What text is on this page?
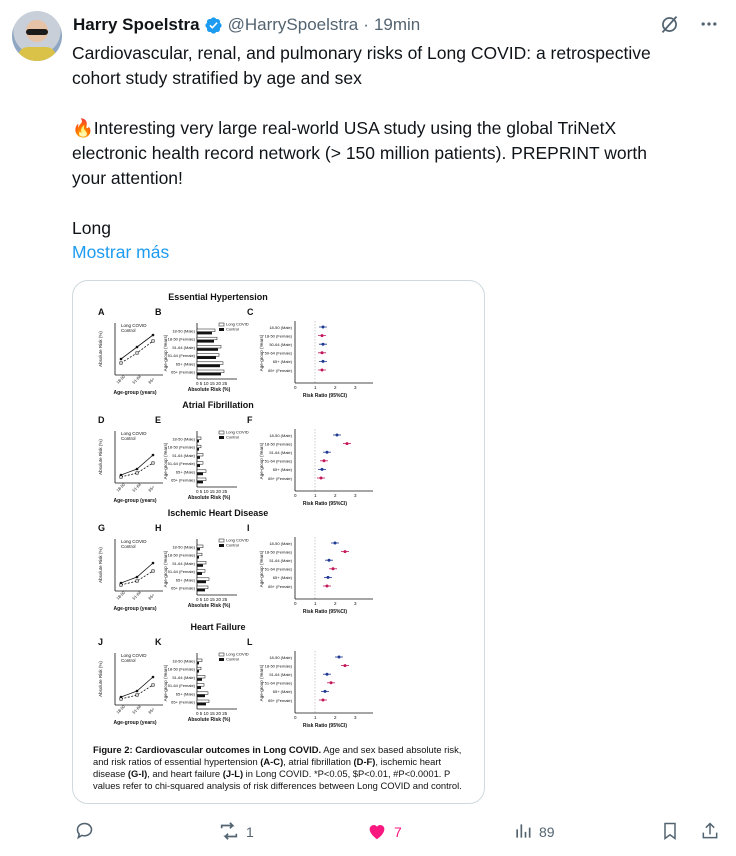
Harry Spoelstra @HarrySpoelstra · 19min

Cardiovascular, renal, and pulmonary risks of Long COVID: a retrospective

cohort study stratified by age and sex

🔥Interesting very large real-world USA study using the global TriNetX

electronic health record network (> 150 million patients). PREPRINT worth

your attention!

Long

Mostrar más
Essential Hypertension
A	B	C
Long COVID
Control
Absolute Risk (%)
18-50 51-64 65+
Age-group (years)
Age-group (Years)
Long COVID
Control
18-50 (Male)
18-50 (Female)
51-64 (Male)
51-64 (Female)
65+ (Male)
65+ (Female)
0 5 10 15 20 25
Absolute Risk (%)
Age-group (Years)
18-50 (Male)
18-50 (Female)
50-64 (Male)
50-64 (Female)
65+ (Male)
65+ (Female)
0	1	2	3
Risk Ratio (95%CI)
Atrial Fibrillation
D	E	F
Long COVID
Control
Absolute Risk (%)
18-50 51-64 65+
Age-group (years)
Age-group (Years)
Long COVID
Control
18-50 (Male)
18-50 (Female)
51-64 (Male)
51-64 (Female)
65+ (Male)
65+ (Female)
0 5 10 15 20 25
Absolute Risk (%)
Age-group (Years)
18-50 (Male)
18-50 (Female)
51-64 (Male)
51-64 (Female)
65+ (Male)
65+ (Female)
0	1	2	3
Risk Ratio (95%CI)
Ischemic Heart Disease
G	H	I
Long COVID
Control
Absolute Risk (%)
18-50 51-64 65+
Age-group (years)
Age-group (Years)
Long COVID
Control
18-50 (Male)
18-50 (Female)
51-64 (Male)
51-64 (Female)
65+ (Male)
65+ (Female)
0 5 10 15 20 25
Absolute Risk (%)
Age-group (Years)
18-50 (Male)
18-50 (Female)
51-64 (Male)
51-64 (Female)
65+ (Male)
65+ (Female)
0	1	2	3
Risk Ratio (95%CI)
Heart Failure
J	K	L
Long COVID
Control
Absolute Risk (%)
18-50 51-64 65+
Age-group (years)
Age-group (Years)
Long COVID
Control
18-50 (Male)
18-50 (Female)
51-64 (Male)
51-64 (Female)
65+ (Male)
65+ (Female)
0 5 10 15 20 25
Absolute Risk (%)
Age-group (Years)
18-50 (Male)
18-50 (Female)
51-64 (Male)
51-64 (Female)
65+ (Male)
65+ (Female)
0	1	2	3
Risk Ratio (95%CI)
Figure 2: Cardiovascular outcomes in Long COVID. Age and sex based absolute risk, and risk ratios of essential hypertension (A-C), atrial fibrillation (D-F), ischemic heart disease (G-I), and heart failure (J-L) in Long COVID. *P<0.05, $P<0.01, #P<0.0001. P values refer to chi-squared analysis of risk differences between Long COVID and control.
1	7	89
